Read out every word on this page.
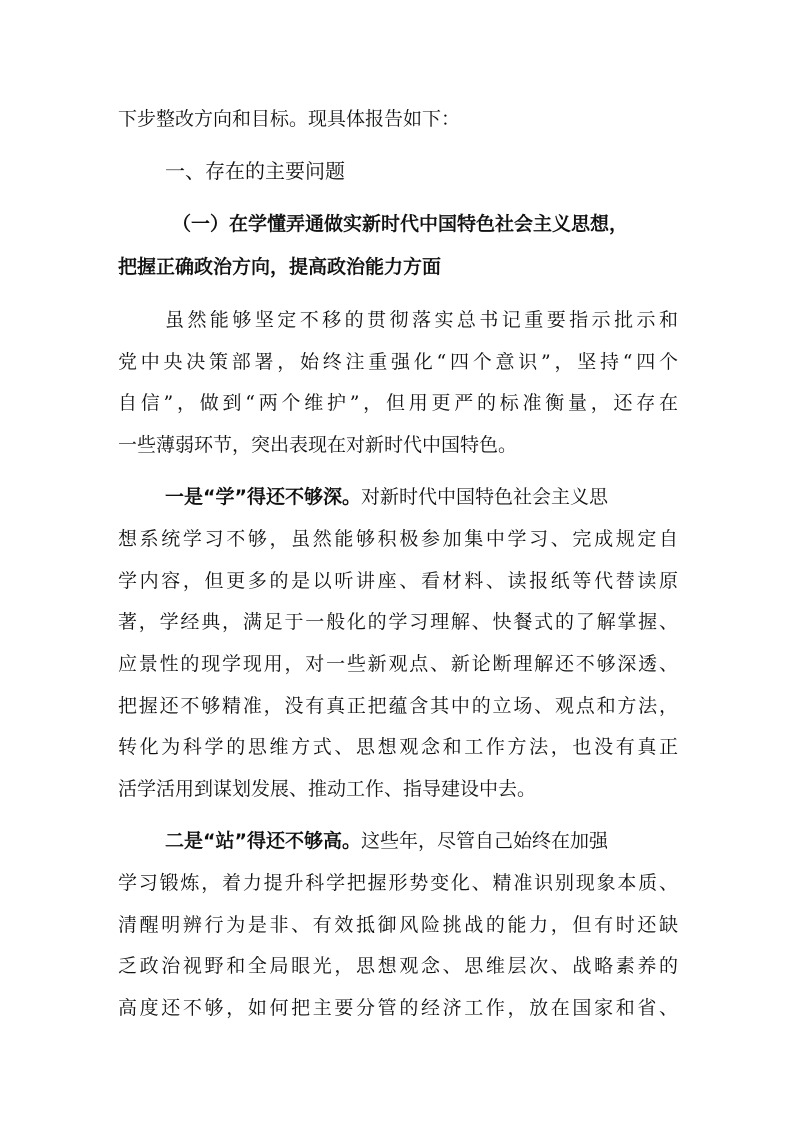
下步整改方向和目标。现具体报告如下：
一、存在的主要问题
（一）在学懂弄通做实新时代中国特色社会主义思想，
把握正确政治方向，提高政治能力方面
虽然能够坚定不移的贯彻落实总书记重要指示批示和
党中央决策部署，始终注重强化“四个意识”，坚持“四个
自信”，做到“两个维护”，但用更严的标准衡量，还存在
一些薄弱环节，突出表现在对新时代中国特色。
一是“学”得还不够深。对新时代中国特色社会主义思
想系统学习不够，虽然能够积极参加集中学习、完成规定自
学内容，但更多的是以听讲座、看材料、读报纸等代替读原
著，学经典，满足于一般化的学习理解、快餐式的了解掌握、
应景性的现学现用，对一些新观点、新论断理解还不够深透、
把握还不够精准，没有真正把蕴含其中的立场、观点和方法，
转化为科学的思维方式、思想观念和工作方法，也没有真正
活学活用到谋划发展、推动工作、指导建设中去。
二是“站”得还不够高。这些年，尽管自己始终在加强
学习锻炼，着力提升科学把握形势变化、精准识别现象本质、
清醒明辨行为是非、有效抵御风险挑战的能力，但有时还缺
乏政治视野和全局眼光，思想观念、思维层次、战略素养的
高度还不够，如何把主要分管的经济工作，放在国家和省、
